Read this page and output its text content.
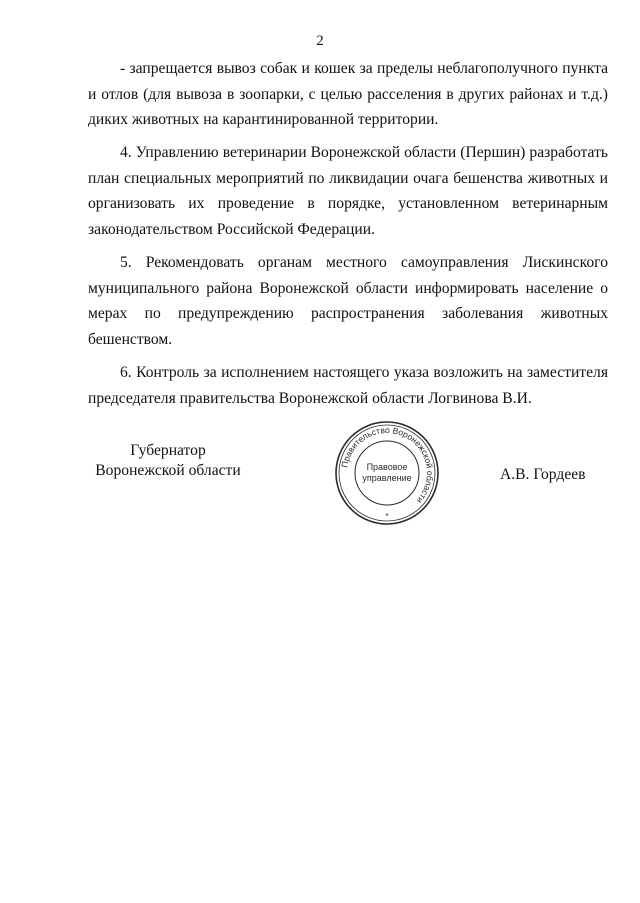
2

- запрещается вывоз собак и кошек за пределы неблагополучного пункта и отлов (для вывоза в зоопарки, с целью расселения в других районах и т.д.) диких животных на карантинированной территории.

4. Управлению ветеринарии Воронежской области (Першин) разработать план специальных мероприятий по ликвидации очага бешенства животных и организовать их проведение в порядке, установленном ветеринарным законодательством Российской Федерации.

5. Рекомендовать органам местного самоуправления Лискинского муниципального района Воронежской области информировать население о мерах по предупреждению распространения заболевания животных бешенством.

6. Контроль за исполнением настоящего указа возложить на заместителя председателя правительства Воронежской области Логвинова В.И.

Губернатор
Воронежской области	Правительство Воронежской области
Правовое
управление
*
А.В. Гордеев
